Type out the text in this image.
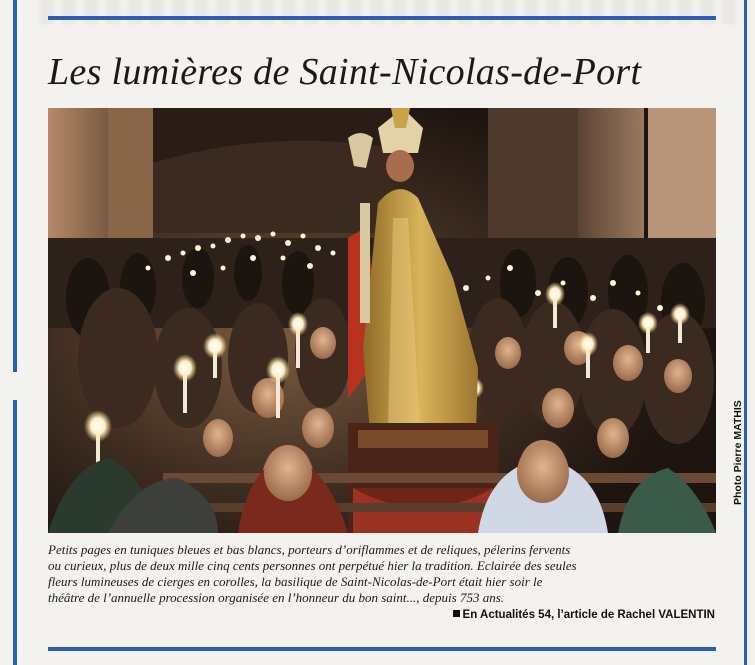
Les lumières de Saint-Nicolas-de-Port
Photo Pierre MATHIS
Petits pages en tuniques bleues et bas blancs, porteurs d’oriflammes et de reliques, pélerins fervents
ou curieux, plus de deux mille cinq cents personnes ont perpétué hier la tradition. Eclairée des seules
fleurs lumineuses de cierges en corolles, la basilique de Saint-Nicolas-de-Port était hier soir le
théâtre de l’annuelle procession organisée en l’honneur du bon saint..., depuis 753 ans.
En Actualités 54, l’article de Rachel VALENTIN
